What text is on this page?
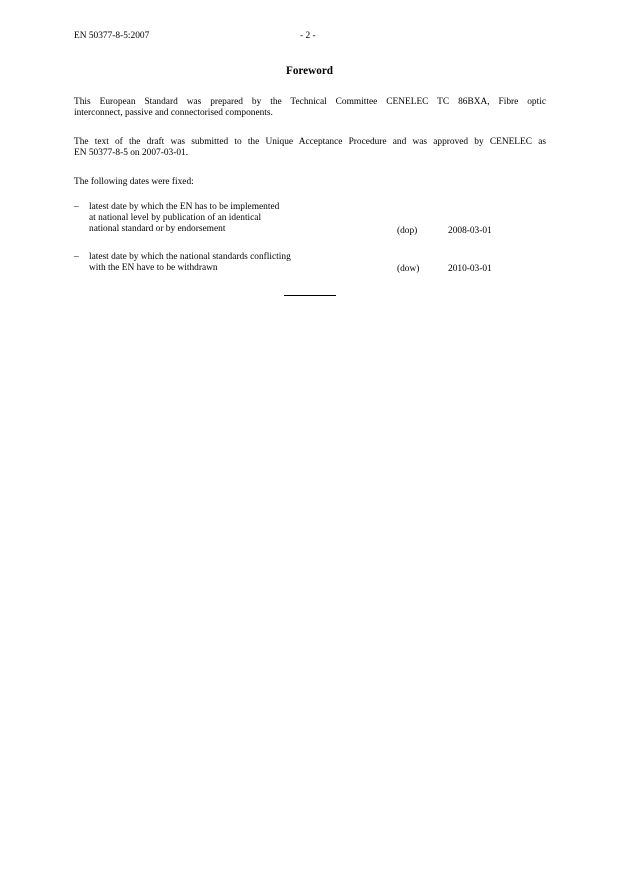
EN 50377-8-5:2007	- 2 -
Foreword
This European Standard was prepared by the Technical Committee CENELEC TC 86BXA, Fibre optic
interconnect, passive and connectorised components.
The text of the draft was submitted to the Unique Acceptance Procedure and was approved by CENELEC as
EN 50377-8-5 on 2007-03-01.
The following dates were fixed:
– latest date by which the EN has to be implemented
at national level by publication of an identical
national standard or by endorsement	(dop)	2008-03-01
– latest date by which the national standards conflicting
with the EN have to be withdrawn	(dow)	2010-03-01
